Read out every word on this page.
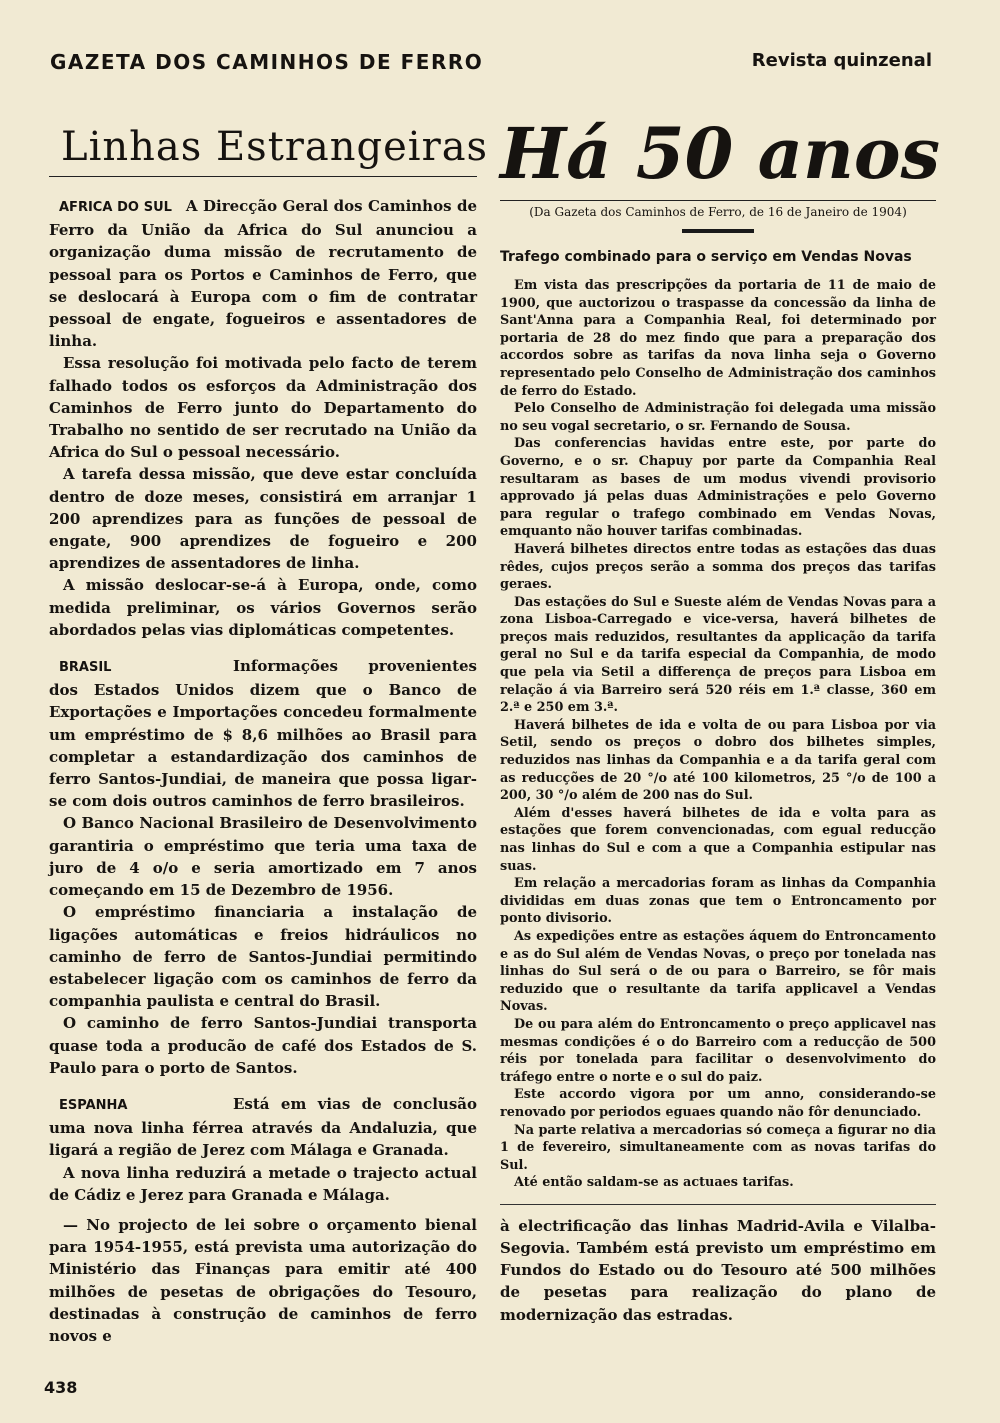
GAZETA DOS CAMINHOS DE FERRO	Revista quinzenal
Linhas Estrangeiras

AFRICA DO SUL A Direcção Geral dos Caminhos de Ferro da União da Africa do Sul anunciou a organização duma missão de recrutamento de pessoal para os Portos e Caminhos de Ferro, que se deslocará à Europa com o fim de contratar pessoal de engate, fogueiros e assentadores de linha.

Essa resolução foi motivada pelo facto de terem falhado todos os esforços da Administração dos Caminhos de Ferro junto do Departamento do Trabalho no sentido de ser recrutado na União da Africa do Sul o pessoal necessário.

A tarefa dessa missão, que deve estar concluída dentro de doze meses, consistirá em arranjar 1 200 aprendizes para as funções de pessoal de engate, 900 aprendizes de fogueiro e 200 aprendizes de assentadores de linha.

A missão deslocar-se-á à Europa, onde, como medida preliminar, os vários Governos serão abordados pelas vias diplomáticas competentes.

BRASIL	Informações provenientes dos Estados Unidos dizem que o Banco de Exportações e Importações concedeu formalmente um empréstimo de $ 8,6 milhões ao Brasil para completar a estandardização dos caminhos de ferro Santos-Jundiai, de maneira que possa ligar-se com dois outros caminhos de ferro brasileiros.

O Banco Nacional Brasileiro de Desenvolvimento garantiria o empréstimo que teria uma taxa de juro de 4 o/o e seria amortizado em 7 anos começando em 15 de Dezembro de 1956.

O empréstimo financiaria a instalação de ligações automáticas e freios hidráulicos no caminho de ferro de Santos-Jundiai permitindo estabelecer ligação com os caminhos de ferro da companhia paulista e central do Brasil.

O caminho de ferro Santos-Jundiai transporta quase toda a producão de café dos Estados de S. Paulo para o porto de Santos.

ESPANHA	Está em vias de conclusão uma nova linha férrea através da Andaluzia, que ligará a região de Jerez com Málaga e Granada.

A nova linha reduzirá a metade o trajecto actual de Cádiz e Jerez para Granada e Málaga.

— No projecto de lei sobre o orçamento bienal para 1954-1955, está prevista uma autorização do Ministério das Finanças para emitir até 400 milhões de pesetas de obrigações do Tesouro, destinadas à construção de caminhos de ferro novos e

Há 50 anos
(Da Gazeta dos Caminhos de Ferro, de 16 de Janeiro de 1904)
Trafego combinado para o serviço em Vendas Novas

Em vista das prescripções da portaria de 11 de maio de 1900, que auctorizou o traspasse da concessão da linha de Sant'Anna para a Companhia Real, foi determinado por portaria de 28 do mez findo que para a preparação dos accordos sobre as tarifas da nova linha seja o Governo representado pelo Conselho de Administração dos caminhos de ferro do Estado.

Pelo Conselho de Administração foi delegada uma missão no seu vogal secretario, o sr. Fernando de Sousa.

Das conferencias havidas entre este, por parte do Governo, e o sr. Chapuy por parte da Companhia Real resultaram as bases de um modus vivendi provisorio approvado já pelas duas Administrações e pelo Governo para regular o trafego combinado em Vendas Novas, emquanto não houver tarifas combinadas.

Haverá bilhetes directos entre todas as estações das duas rêdes, cujos preços serão a somma dos preços das tarifas geraes.

Das estações do Sul e Sueste além de Vendas Novas para a zona Lisboa-Carregado e vice-versa, haverá bilhetes de preços mais reduzidos, resultantes da applicação da tarifa geral no Sul e da tarifa especial da Companhia, de modo que pela via Setil a differença de preços para Lisboa em relação á via Barreiro será 520 réis em 1.ª classe, 360 em 2.ª e 250 em 3.ª.

Haverá bilhetes de ida e volta de ou para Lisboa por via Setil, sendo os preços o dobro dos bilhetes simples, reduzidos nas linhas da Companhia e a da tarifa geral com as reducções de 20 °/o até 100 kilometros, 25 °/o de 100 a 200, 30 °/o além de 200 nas do Sul.

Além d'esses haverá bilhetes de ida e volta para as estações que forem convencionadas, com egual reducção nas linhas do Sul e com a que a Companhia estipular nas suas.

Em relação a mercadorias foram as linhas da Companhia divididas em duas zonas que tem o Entroncamento por ponto divisorio.

As expedições entre as estações áquem do Entroncamento e as do Sul além de Vendas Novas, o preço por tonelada nas linhas do Sul será o de ou para o Barreiro, se fôr mais reduzido que o resultante da tarifa applicavel a Vendas Novas.

De ou para além do Entroncamento o preço applicavel nas mesmas condições é o do Barreiro com a reducção de 500 réis por tonelada para facilitar o desenvolvimento do tráfego entre o norte e o sul do paiz.

Este accordo vigora por um anno, considerando-se renovado por periodos eguaes quando não fôr denunciado.

Na parte relativa a mercadorias só começa a figurar no dia 1 de fevereiro, simultaneamente com as novas tarifas do Sul.

Até então saldam-se as actuaes tarifas.

à electrificação das linhas Madrid-Avila e Vilalba-Segovia. Também está previsto um empréstimo em Fundos do Estado ou do Tesouro até 500 milhões de pesetas para realização do plano de modernização das estradas.

438
